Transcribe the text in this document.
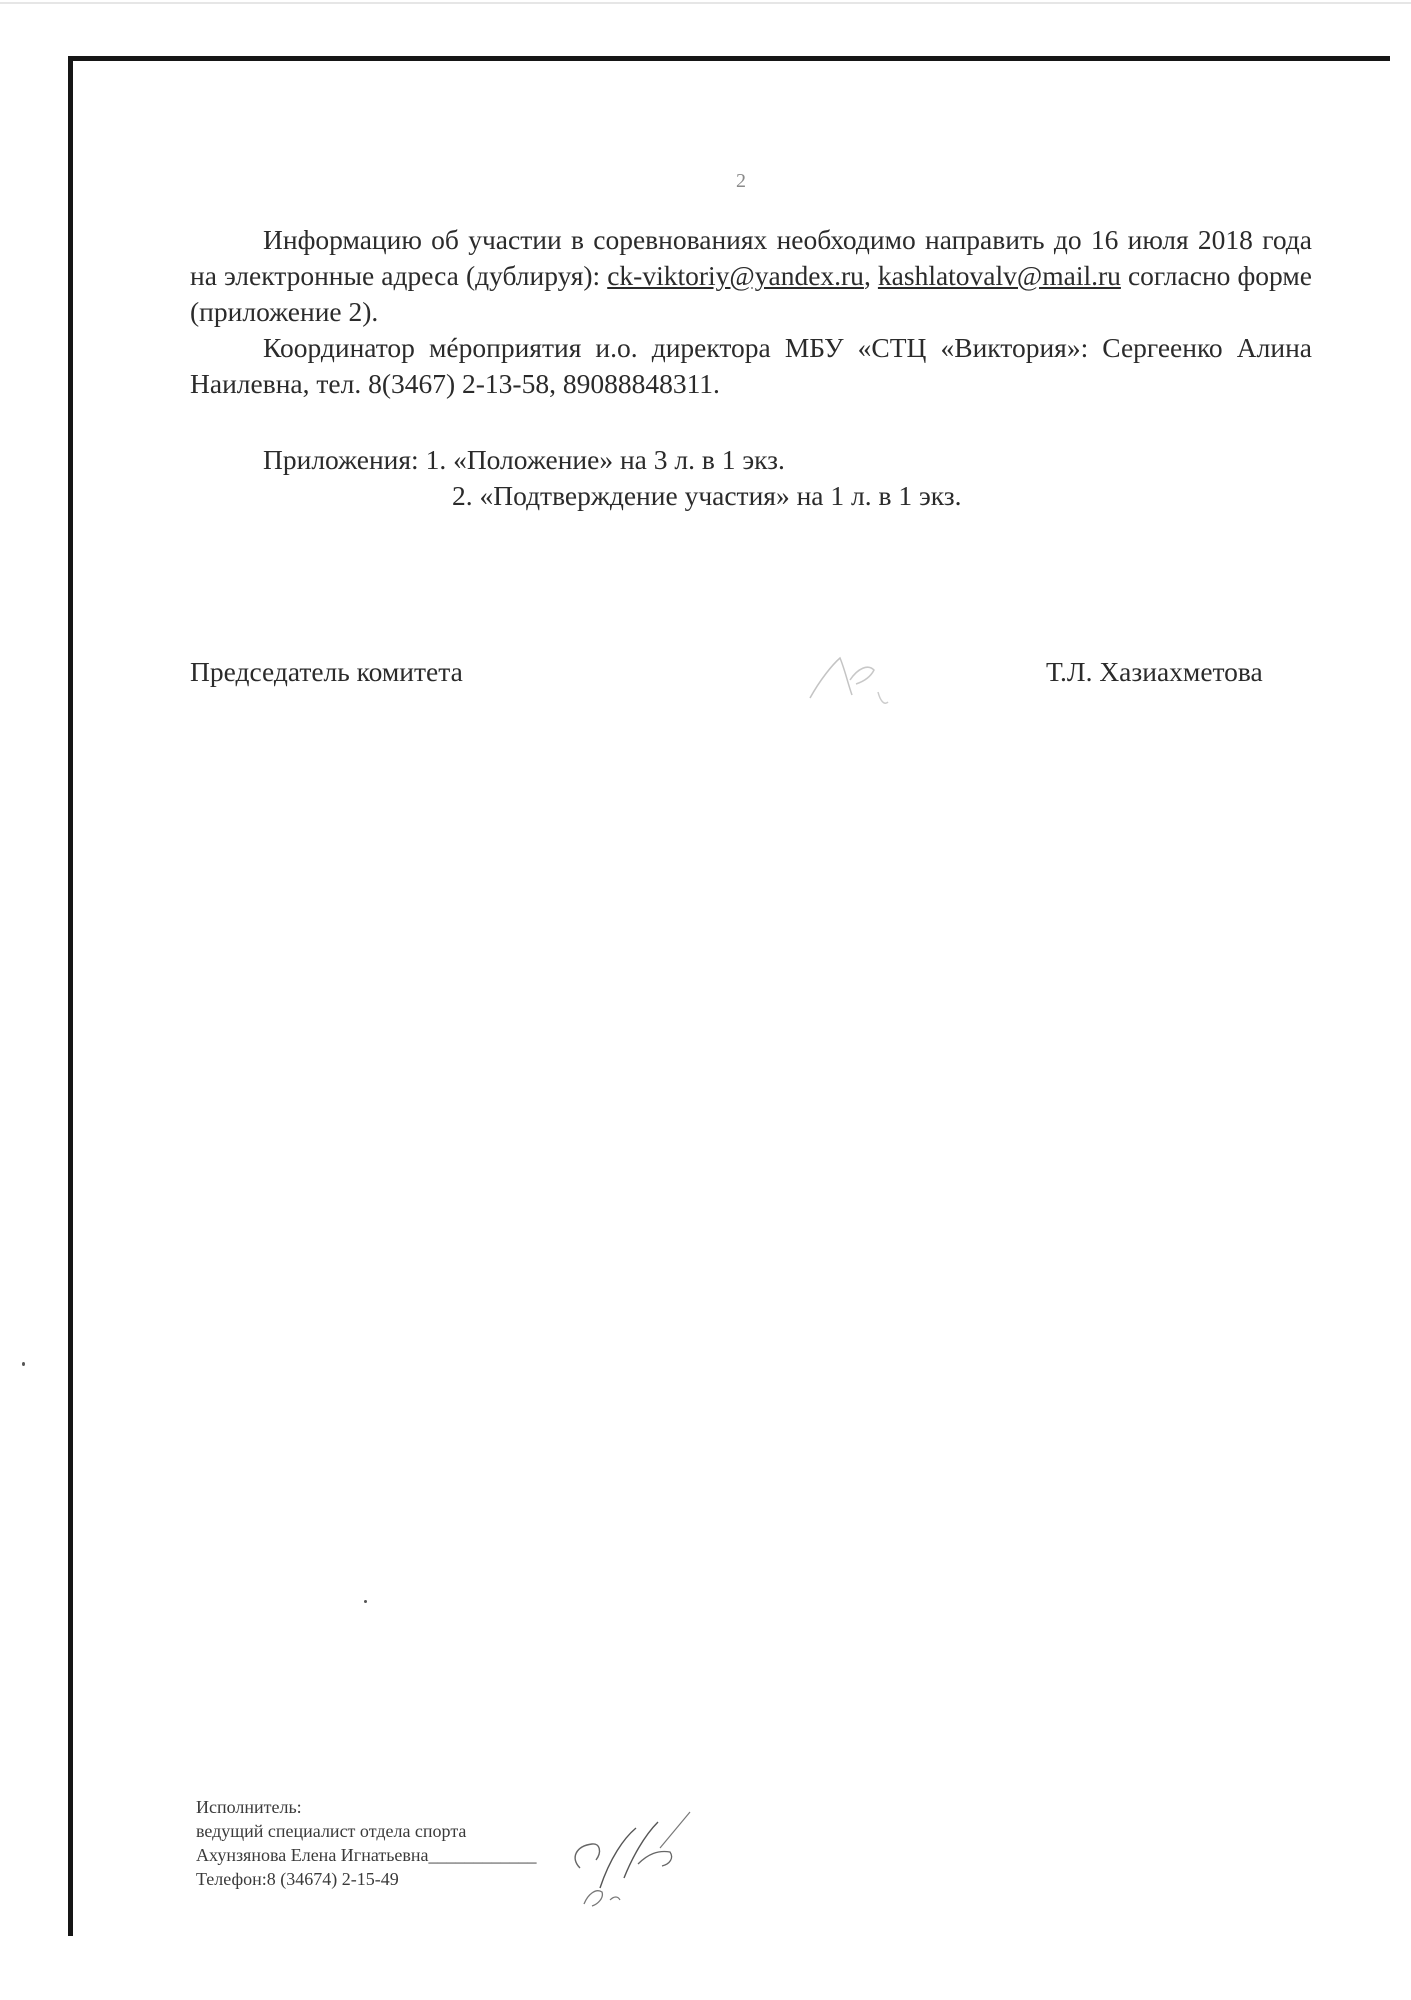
2

Информацию об участии в соревнованиях необходимо направить до 16 июля 2018 года на электронные адреса (дублируя): ck-viktoriy@yandex.ru, kashlatovalv@mail.ru согласно форме (приложение 2).

Координатор мéроприятия и.о. директора МБУ «СТЦ «Виктория»: Сергеенко Алина Наилевна, тел. 8(3467) 2-13-58, 89088848311.

Приложения: 1. «Положение» на 3 л. в 1 экз.
2. «Подтверждение участия» на 1 л. в 1 экз.
Председатель комитета	Т.Л. Хазиахметова
Исполнитель:
ведущий специалист отдела спорта
Ахунзянова Елена Игнатьевна____________
Телефон:8 (34674) 2-15-49
